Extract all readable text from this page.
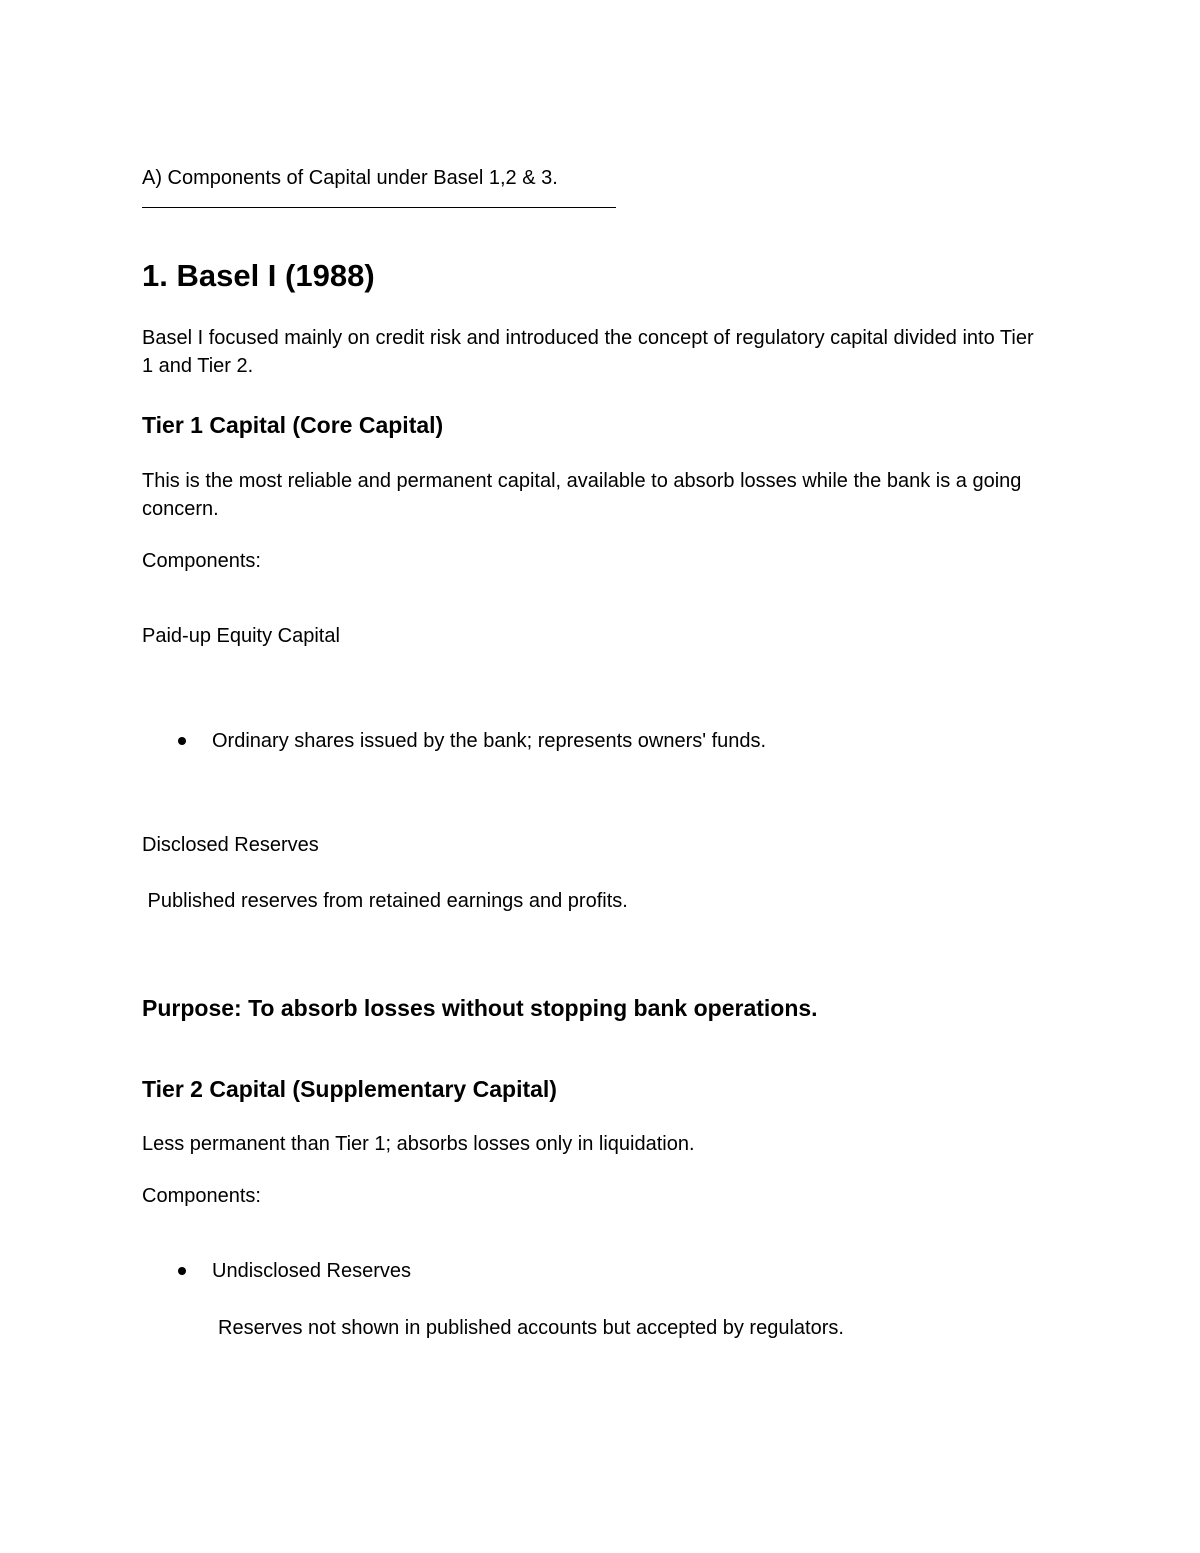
A) Components of Capital under Basel 1,2 & 3.

1. Basel I (1988)

Basel I focused mainly on credit risk and introduced the concept of regulatory capital divided into Tier 1 and Tier 2.

Tier 1 Capital (Core Capital)

This is the most reliable and permanent capital, available to absorb losses while the bank is a going concern.

Components:

Paid-up Equity Capital

Ordinary shares issued by the bank; represents owners' funds.

Disclosed Reserves

Published reserves from retained earnings and profits.

Purpose: To absorb losses without stopping bank operations.

Tier 2 Capital (Supplementary Capital)

Less permanent than Tier 1; absorbs losses only in liquidation.

Components:

Undisclosed Reserves

Reserves not shown in published accounts but accepted by regulators.
